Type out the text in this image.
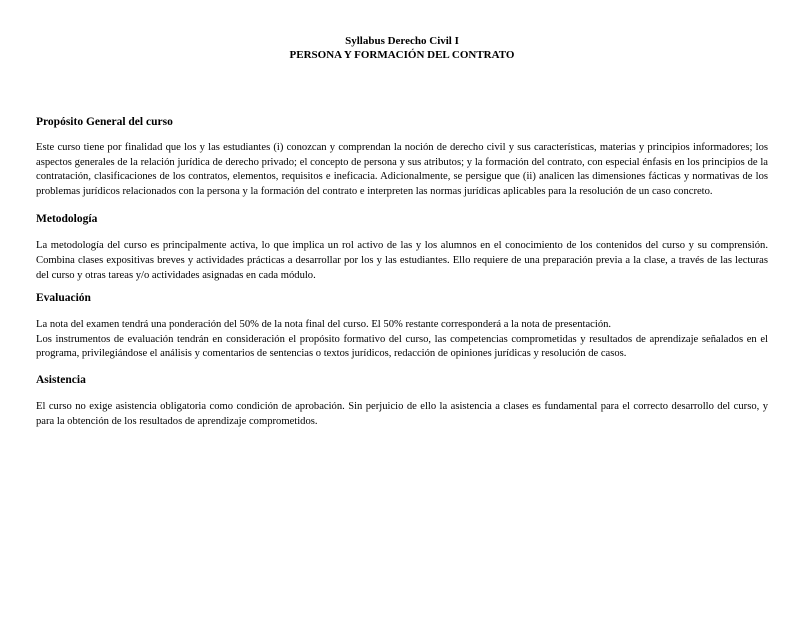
Syllabus Derecho Civil I
PERSONA Y FORMACIÓN DEL CONTRATO
Propósito General del curso

Este curso tiene por finalidad que los y las estudiantes (i) conozcan y comprendan la noción de derecho civil y sus características, materias y principios informadores; los aspectos generales de la relación jurídica de derecho privado; el concepto de persona y sus atributos; y la formación del contrato, con especial énfasis en los principios de la contratación, clasificaciones de los contratos, elementos, requisitos e ineficacia. Adicionalmente, se persigue que (ii) analicen las dimensiones fácticas y normativas de los problemas jurídicos relacionados con la persona y la formación del contrato e interpreten las normas jurídicas aplicables para la resolución de un caso concreto.

Metodología

La metodología del curso es principalmente activa, lo que implica un rol activo de las y los alumnos en el conocimiento de los contenidos del curso y su comprensión. Combina clases expositivas breves y actividades prácticas a desarrollar por los y las estudiantes. Ello requiere de una preparación previa a la clase, a través de las lecturas del curso y otras tareas y/o actividades asignadas en cada módulo.

Evaluación
La nota del examen tendrá una ponderación del 50% de la nota final del curso. El 50% restante corresponderá a la nota de presentación.
Los instrumentos de evaluación tendrán en consideración el propósito formativo del curso, las competencias comprometidas y resultados de aprendizaje señalados en el programa, privilegiándose el análisis y comentarios de sentencias o textos jurídicos, redacción de opiniones jurídicas y resolución de casos.
Asistencia

El curso no exige asistencia obligatoria como condición de aprobación. Sin perjuicio de ello la asistencia a clases es fundamental para el correcto desarrollo del curso, y para la obtención de los resultados de aprendizaje comprometidos.
